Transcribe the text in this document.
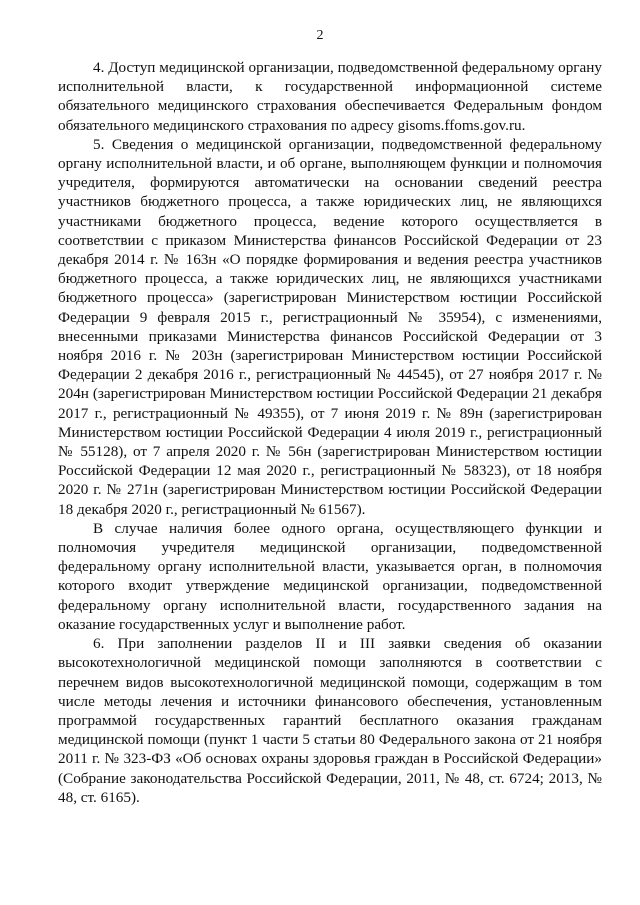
2

4. Доступ медицинской организации, подведомственной федеральному органу исполнительной власти, к государственной информационной системе обязательного медицинского страхования обеспечивается Федеральным фондом обязательного медицинского страхования по адресу gisoms.ffoms.gov.ru.

5. Сведения о медицинской организации, подведомственной федеральному органу исполнительной власти, и об органе, выполняющем функции и полномочия учредителя, формируются автоматически на основании сведений реестра участников бюджетного процесса, а также юридических лиц, не являющихся участниками бюджетного процесса, ведение которого осуществляется в соответствии с приказом Министерства финансов Российской Федерации от 23 декабря 2014 г. № 163н «О порядке формирования и ведения реестра участников бюджетного процесса, а также юридических лиц, не являющихся участниками бюджетного процесса» (зарегистрирован Министерством юстиции Российской Федерации 9 февраля 2015 г., регистрационный № 35954), с изменениями, внесенными приказами Министерства финансов Российской Федерации от 3 ноября 2016 г. № 203н (зарегистрирован Министерством юстиции Российской Федерации 2 декабря 2016 г., регистрационный № 44545), от 27 ноября 2017 г. № 204н (зарегистрирован Министерством юстиции Российской Федерации 21 декабря 2017 г., регистрационный № 49355), от 7 июня 2019 г. № 89н (зарегистрирован Министерством юстиции Российской Федерации 4 июля 2019 г., регистрационный № 55128), от 7 апреля 2020 г. № 56н (зарегистрирован Министерством юстиции Российской Федерации 12 мая 2020 г., регистрационный № 58323), от 18 ноября 2020 г. № 271н (зарегистрирован Министерством юстиции Российской Федерации 18 декабря 2020 г., регистрационный № 61567).

В случае наличия более одного органа, осуществляющего функции и полномочия учредителя медицинской организации, подведомственной федеральному органу исполнительной власти, указывается орган, в полномочия которого входит утверждение медицинской организации, подведомственной федеральному органу исполнительной власти, государственного задания на оказание государственных услуг и выполнение работ.

6. При заполнении разделов II и III заявки сведения об оказании высокотехнологичной медицинской помощи заполняются в соответствии с перечнем видов высокотехнологичной медицинской помощи, содержащим в том числе методы лечения и источники финансового обеспечения, установленным программой государственных гарантий бесплатного оказания гражданам медицинской помощи (пункт 1 части 5 статьи 80 Федерального закона от 21 ноября 2011 г. № 323-ФЗ «Об основах охраны здоровья граждан в Российской Федерации» (Собрание законодательства Российской Федерации, 2011, № 48, ст. 6724; 2013, № 48, ст. 6165).
